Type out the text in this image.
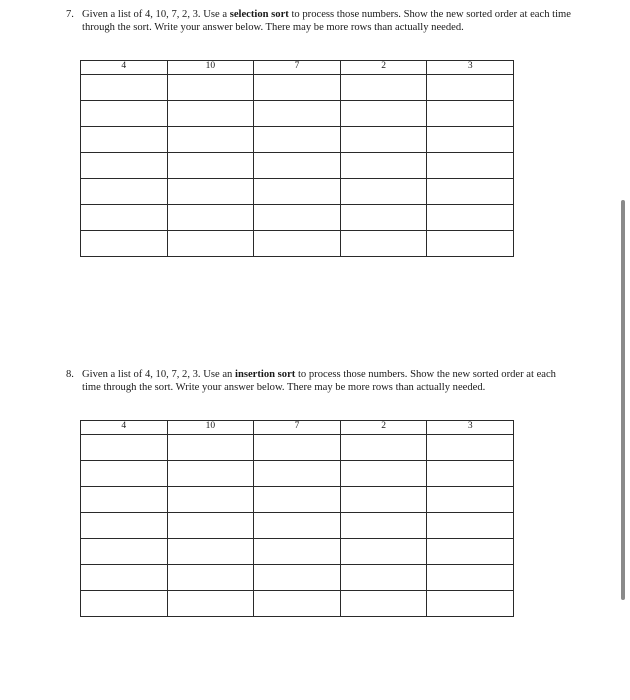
7. Given a list of 4, 10, 7, 2, 3. Use a selection sort to process those numbers. Show the new sorted order at each time through the sort. Write your answer below. There may be more rows than actually needed.
4	10	7	2	3

8. Given a list of 4, 10, 7, 2, 3. Use an insertion sort to process those numbers. Show the new sorted order at each time through the sort. Write your answer below. There may be more rows than actually needed.
4	10	7	2	3
